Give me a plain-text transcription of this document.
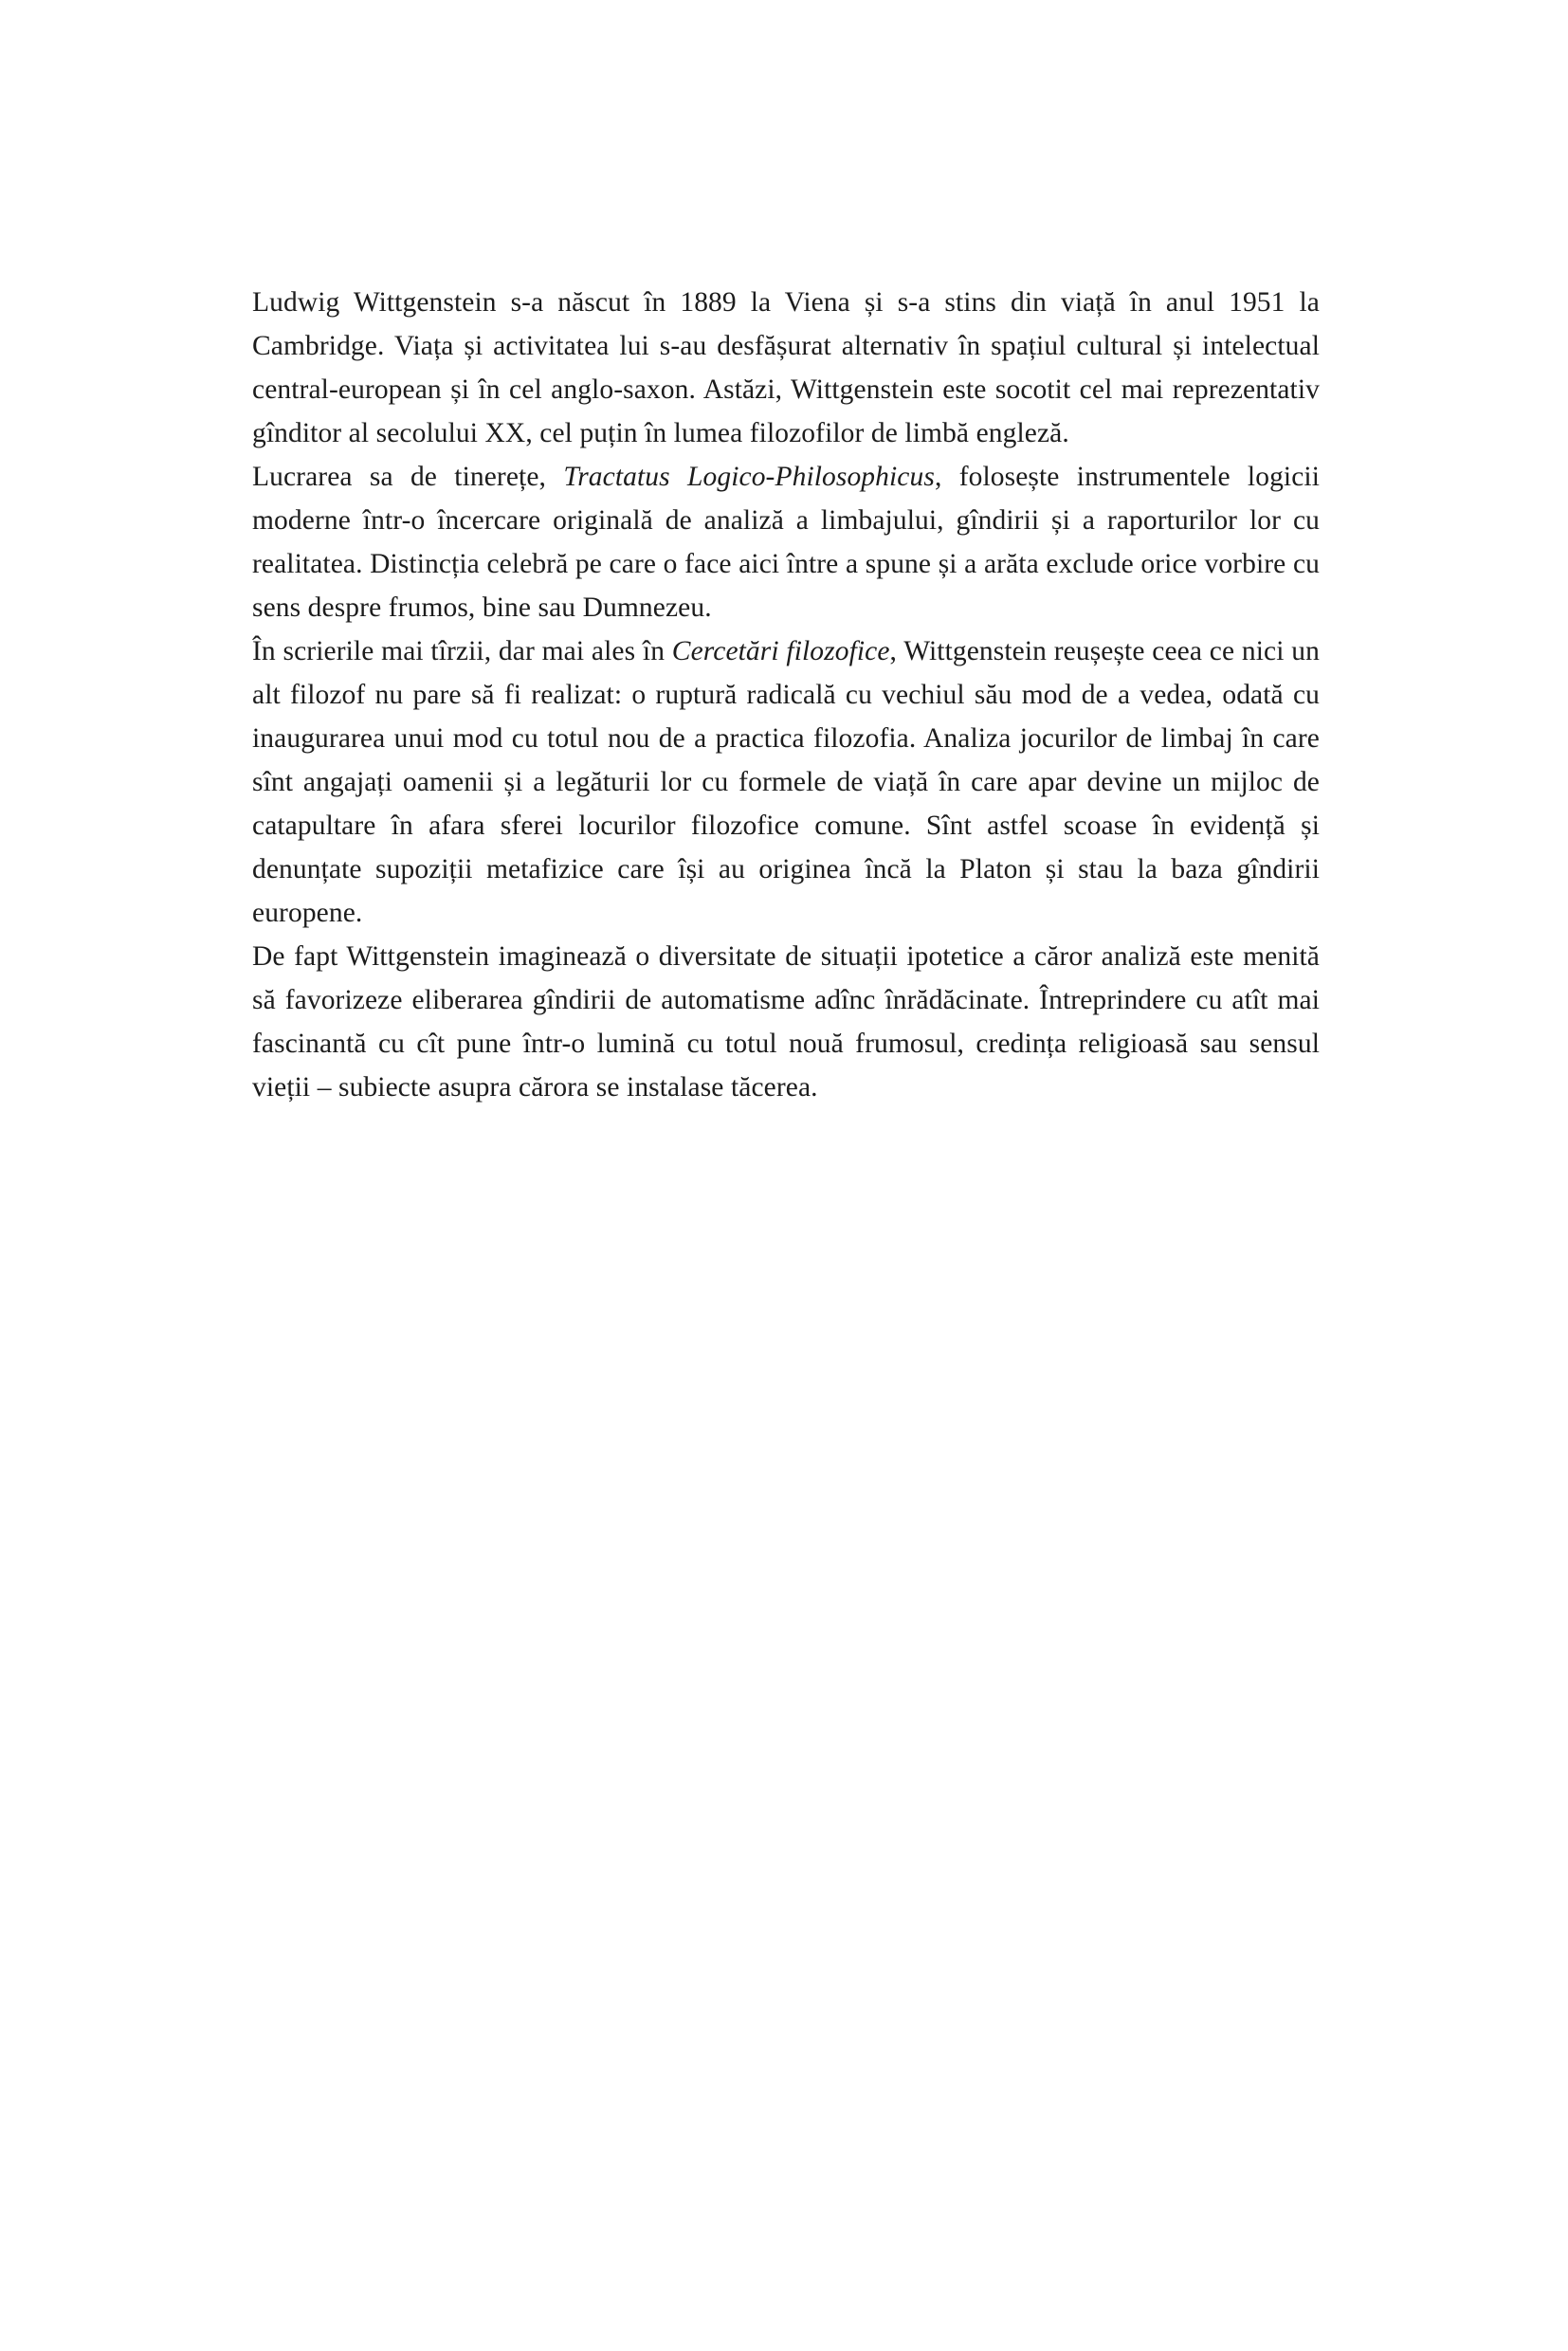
Ludwig Wittgenstein s-a născut în 1889 la Viena și s-a stins din viață în anul 1951 la Cambridge. Viața și activitatea lui s-au desfășurat alternativ în spațiul cultural și intelectual central-european și în cel anglo-saxon. Astăzi, Wittgenstein este socotit cel mai reprezentativ gînditor al secolului XX, cel puțin în lumea filozofilor de limbă engleză.

Lucrarea sa de tinerețe, Tractatus Logico-Philosophicus, folosește instrumentele logicii moderne într-o încercare originală de analiză a limbajului, gîndirii și a raporturilor lor cu realitatea. Distincția celebră pe care o face aici între a spune și a arăta exclude orice vorbire cu sens despre frumos, bine sau Dumnezeu.

În scrierile mai tîrzii, dar mai ales în Cercetări filozofice, Wittgenstein reușește ceea ce nici un alt filozof nu pare să fi realizat: o ruptură radicală cu vechiul său mod de a vedea, odată cu inaugurarea unui mod cu totul nou de a practica filozofia. Analiza jocurilor de limbaj în care sînt angajați oamenii și a legăturii lor cu formele de viață în care apar devine un mijloc de catapultare în afara sferei locurilor filozofice comune. Sînt astfel scoase în evidență și denunțate supoziții metafizice care își au originea încă la Platon și stau la baza gîndirii europene.

De fapt Wittgenstein imaginează o diversitate de situații ipotetice a căror analiză este menită să favorizeze eliberarea gîndirii de automatisme adînc înrădăcinate. Întreprindere cu atît mai fascinantă cu cît pune într-o lumină cu totul nouă frumosul, credința religioasă sau sensul vieții – subiecte asupra cărora se instalase tăcerea.
